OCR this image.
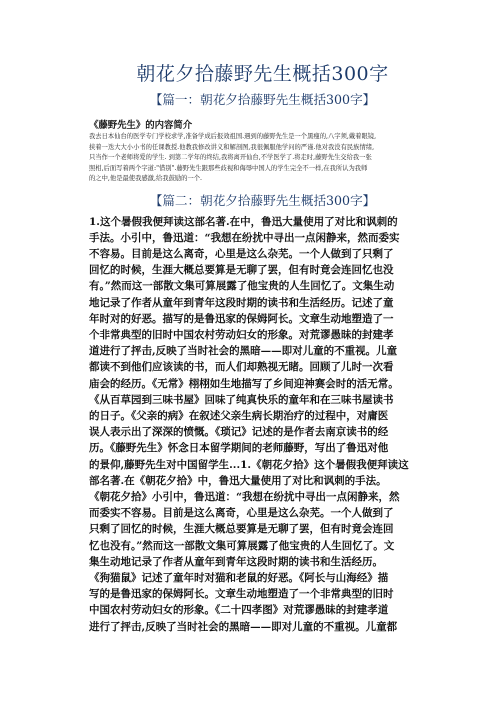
朝花夕拾藤野先生概括300字
【篇一：朝花夕拾藤野先生概括300字】
《藤野先生》的内容简介

我去日本仙台的医学专门学校求学,准备学成后报效祖国.遇到的藤野先生是一个黑瘦的,八字须,戴着眼镜,

挟着一迭大大小小书的任课教授.他教我修改讲义和解剖图,我很佩服他学问的严谨.他对我没有民族情绪,

只当作一个老师将爱的学生. 到第二学年的终结,我将离开仙台,不学医学了.将走时,藤野先生交给我一张

照相,后面写着两个字道:"惜别".藤野先生跟那些歧视和侮辱中国人的学生完全不一样,在我所认为我师

的之中,他是最使我感激,给我鼓励的一个.

【篇二：朝花夕拾藤野先生概括300字】

1.这个暑假我便拜读这部名著.在中，鲁迅大量使用了对比和讽刺的

手法。小引中，鲁迅道：“我想在纷扰中寻出一点闲静来，然而委实

不容易。目前是这么离奇，心里是这么杂芜。一个人做到了只剩了

回忆的时候，生涯大概总要算是无聊了罢，但有时竟会连回忆也没

有。”然而这一部散文集可算展露了他宝贵的人生回忆了。文集生动

地记录了作者从童年到青年这段时期的读书和生活经历。记述了童

年时对的好恶。描写的是鲁迅家的保姆阿长。文章生动地塑造了一

个非常典型的旧时中国农村劳动妇女的形象。对荒谬愚昧的封建孝

道进行了抨击,反映了当时社会的黑暗——即对儿童的不重视。儿童

都读不到他们应该读的书，而人们却熟视无睹。回顾了儿时一次看

庙会的经历。《无常》栩栩如生地描写了乡间迎神赛会时的活无常。

《从百草园到三味书屋》回味了纯真快乐的童年和在三味书屋读书

的日子。《父亲的病》在叙述父亲生病长期治疗的过程中，对庸医

误人表示出了深深的愤慨。《琐记》记述的是作者去南京读书的经

历。《藤野先生》怀念日本留学期间的老师藤野，写出了鲁迅对他

的景仰,藤野先生对中国留学生...1.《朝花夕拾》这个暑假我便拜读这

部名著.在《朝花夕拾》中，鲁迅大量使用了对比和讽刺的手法。

《朝花夕拾》小引中，鲁迅道：“我想在纷扰中寻出一点闲静来，然

而委实不容易。目前是这么离奇，心里是这么杂芜。一个人做到了

只剩了回忆的时候，生涯大概总要算是无聊了罢，但有时竟会连回

忆也没有。”然而这一部散文集可算展露了他宝贵的人生回忆了。文

集生动地记录了作者从童年到青年这段时期的读书和生活经历。

《狗猫鼠》记述了童年时对猫和老鼠的好恶。《阿长与山海经》描

写的是鲁迅家的保姆阿长。文章生动地塑造了一个非常典型的旧时

中国农村劳动妇女的形象。《二十四孝图》对荒谬愚昧的封建孝道

进行了抨击,反映了当时社会的黑暗——即对儿童的不重视。儿童都
